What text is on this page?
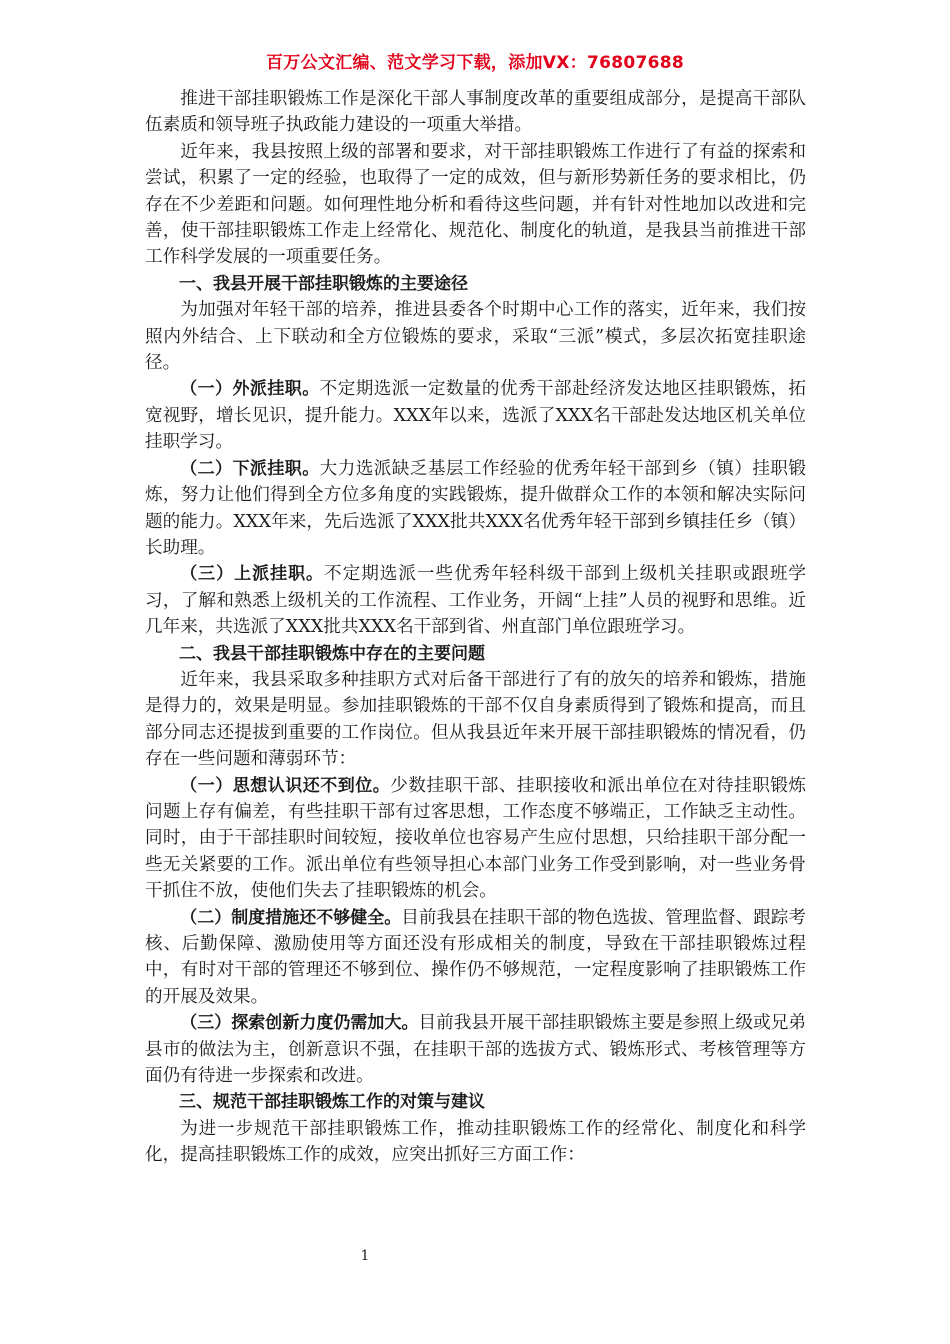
百万公文汇编、范文学习下载，添加VX：76807688

推进干部挂职锻炼工作是深化干部人事制度改革的重要组成部分，是提高干部队伍素质和领导班子执政能力建设的一项重大举措。

近年来，我县按照上级的部署和要求，对干部挂职锻炼工作进行了有益的探索和尝试，积累了一定的经验，也取得了一定的成效，但与新形势新任务的要求相比，仍存在不少差距和问题。如何理性地分析和看待这些问题，并有针对性地加以改进和完善，使干部挂职锻炼工作走上经常化、规范化、制度化的轨道，是我县当前推进干部工作科学发展的一项重要任务。

一、我县开展干部挂职锻炼的主要途径

为加强对年轻干部的培养，推进县委各个时期中心工作的落实，近年来，我们按照内外结合、上下联动和全方位锻炼的要求，采取“三派”模式，多层次拓宽挂职途径。

（一）外派挂职。不定期选派一定数量的优秀干部赴经济发达地区挂职锻炼，拓宽视野，增长见识，提升能力。XXX年以来，选派了XXX名干部赴发达地区机关单位挂职学习。

（二）下派挂职。大力选派缺乏基层工作经验的优秀年轻干部到乡（镇）挂职锻炼，努力让他们得到全方位多角度的实践锻炼，提升做群众工作的本领和解决实际问题的能力。XXX年来，先后选派了XXX批共XXX名优秀年轻干部到乡镇挂任乡（镇）长助理。

（三）上派挂职。不定期选派一些优秀年轻科级干部到上级机关挂职或跟班学习，了解和熟悉上级机关的工作流程、工作业务，开阔“上挂”人员的视野和思维。近几年来，共选派了XXX批共XXX名干部到省、州直部门单位跟班学习。

二、我县干部挂职锻炼中存在的主要问题

近年来，我县采取多种挂职方式对后备干部进行了有的放矢的培养和锻炼，措施是得力的，效果是明显。参加挂职锻炼的干部不仅自身素质得到了锻炼和提高，而且部分同志还提拔到重要的工作岗位。但从我县近年来开展干部挂职锻炼的情况看，仍存在一些问题和薄弱环节：

（一）思想认识还不到位。少数挂职干部、挂职接收和派出单位在对待挂职锻炼问题上存有偏差，有些挂职干部有过客思想，工作态度不够端正，工作缺乏主动性。同时，由于干部挂职时间较短，接收单位也容易产生应付思想，只给挂职干部分配一些无关紧要的工作。派出单位有些领导担心本部门业务工作受到影响，对一些业务骨干抓住不放，使他们失去了挂职锻炼的机会。

（二）制度措施还不够健全。目前我县在挂职干部的物色选拔、管理监督、跟踪考核、后勤保障、激励使用等方面还没有形成相关的制度，导致在干部挂职锻炼过程中，有时对干部的管理还不够到位、操作仍不够规范，一定程度影响了挂职锻炼工作的开展及效果。

（三）探索创新力度仍需加大。目前我县开展干部挂职锻炼主要是参照上级或兄弟县市的做法为主，创新意识不强，在挂职干部的选拔方式、锻炼形式、考核管理等方面仍有待进一步探索和改进。

三、规范干部挂职锻炼工作的对策与建议

为进一步规范干部挂职锻炼工作，推动挂职锻炼工作的经常化、制度化和科学化，提高挂职锻炼工作的成效，应突出抓好三方面工作：

1
